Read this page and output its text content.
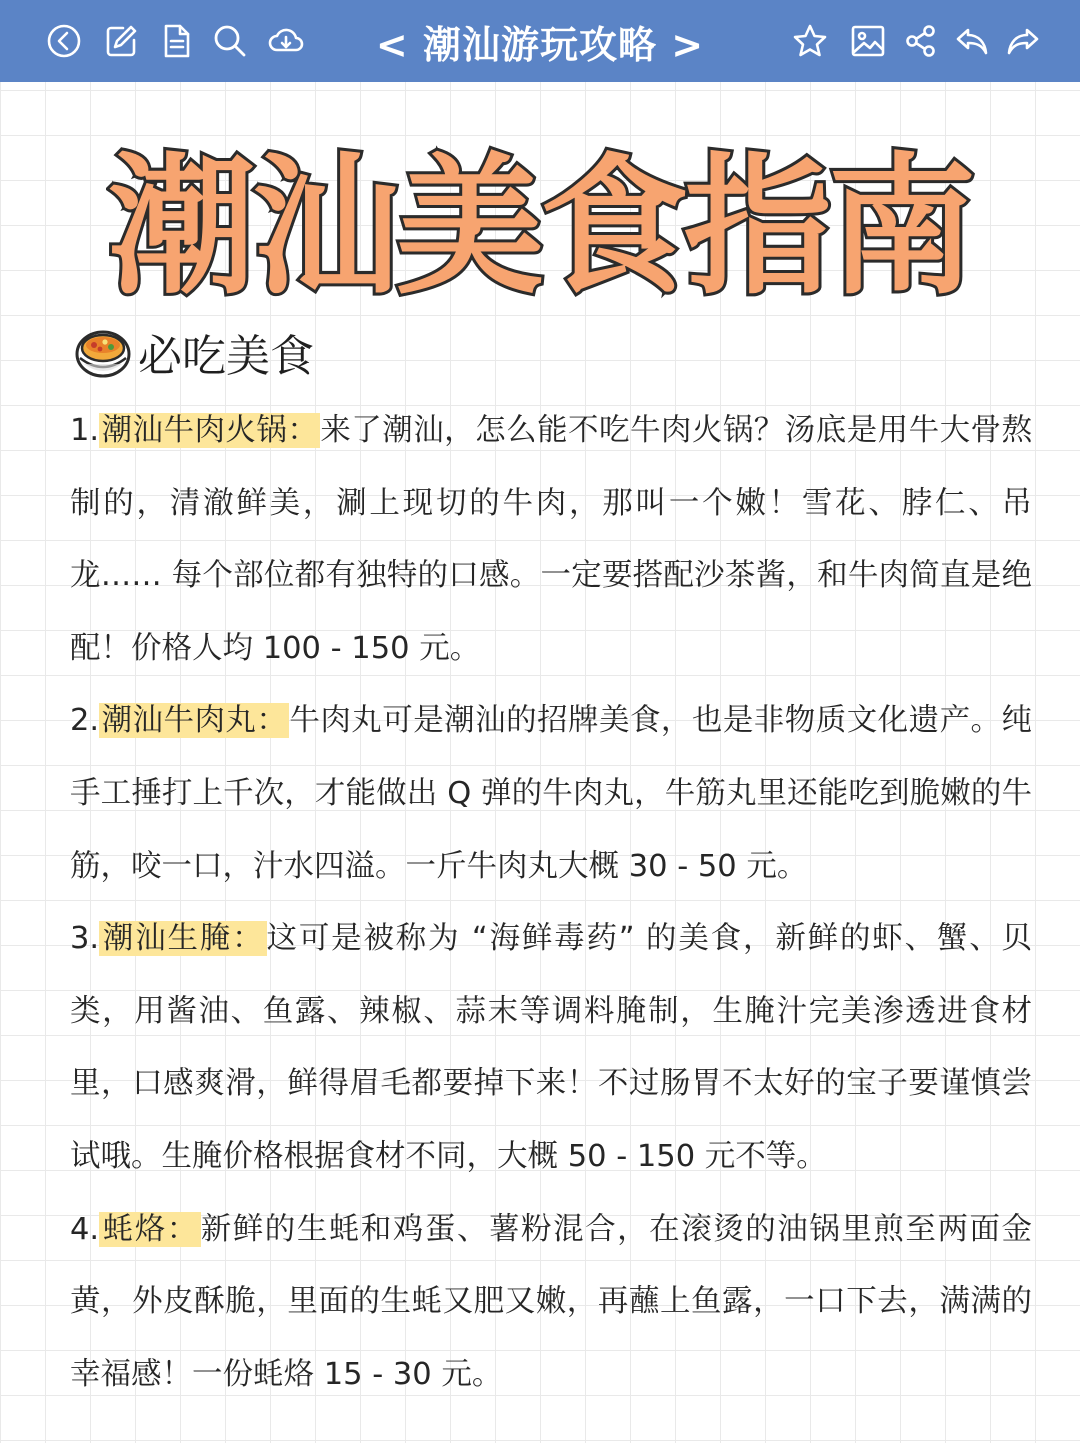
< 潮汕游玩攻略 >
潮汕美食指南
必吃美食

1.潮汕牛肉火锅：来了潮汕，怎么能不吃牛肉火锅？汤底是用牛大骨熬制的，清澈鲜美，涮上现切的牛肉，那叫一个嫩！雪花、脖仁、吊龙…… 每个部位都有独特的口感。一定要搭配沙茶酱，和牛肉简直是绝配！价格人均 100 - 150 元。

2.潮汕牛肉丸：牛肉丸可是潮汕的招牌美食，也是非物质文化遗产。纯手工捶打上千次，才能做出 Q 弹的牛肉丸，牛筋丸里还能吃到脆嫩的牛筋，咬一口，汁水四溢。一斤牛肉丸大概 30 - 50 元。

3.潮汕生腌：这可是被称为 “海鲜毒药” 的美食，新鲜的虾、蟹、贝类，用酱油、鱼露、辣椒、蒜末等调料腌制，生腌汁完美渗透进食材里，口感爽滑，鲜得眉毛都要掉下来！不过肠胃不太好的宝子要谨慎尝试哦。生腌价格根据食材不同，大概 50 - 150 元不等。

4.蚝烙：新鲜的生蚝和鸡蛋、薯粉混合，在滚烫的油锅里煎至两面金黄，外皮酥脆，里面的生蚝又肥又嫩，再蘸上鱼露，一口下去，满满的幸福感！一份蚝烙 15 - 30 元。
